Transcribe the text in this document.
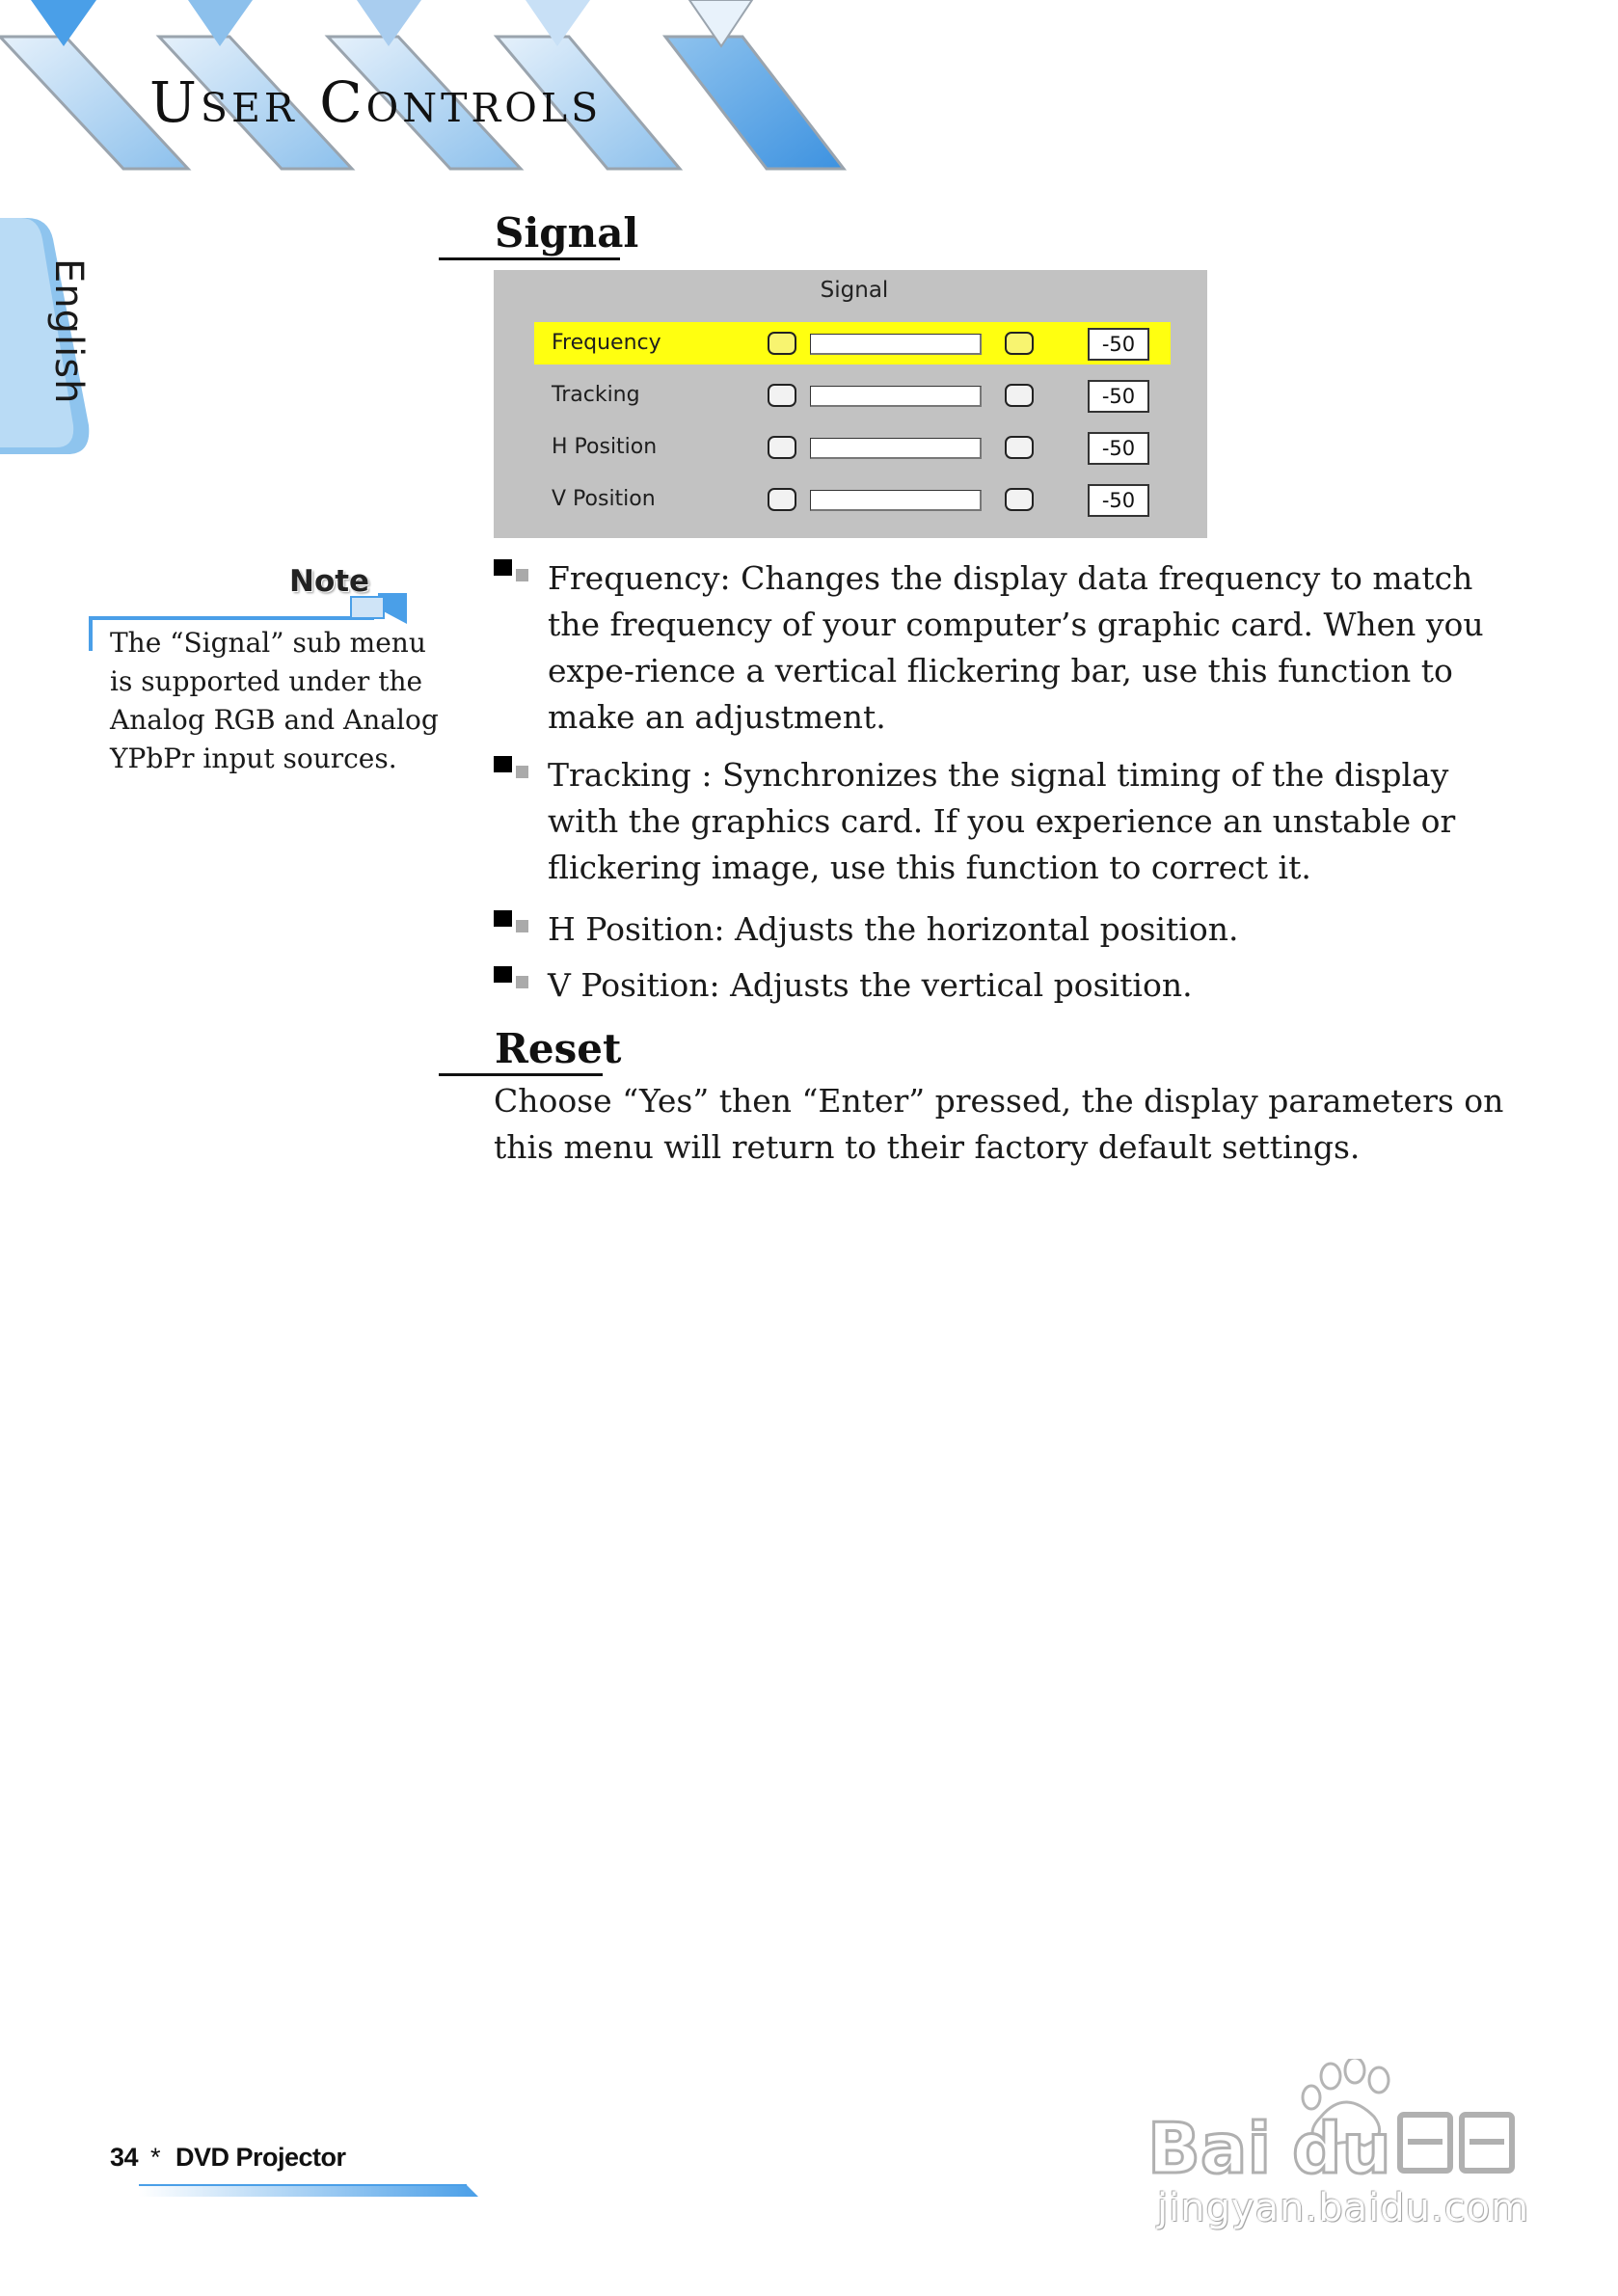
User Controls
English
Signal
Signal
Frequency	-50
Tracking	-50
H Position	-50
V Position	-50
Note

The “Signal” sub menu is supported under the Analog RGB and Analog YPbPr input sources.

Frequency: Changes the display data frequency to match the frequency of your computer’s graphic card. When you expe-rience a vertical flickering bar, use this function to make an adjustment.

Tracking : Synchronizes the signal timing of the display with the graphics card. If you experience an unstable or flickering image, use this function to correct it.

H Position: Adjusts the horizontal position.

V Position: Adjusts the vertical position.

Reset

Choose “Yes” then “Enter” pressed, the display parameters on this menu will return to their factory default settings.

34 * DVD Projector	Bai du
jingyan.baidu.com
